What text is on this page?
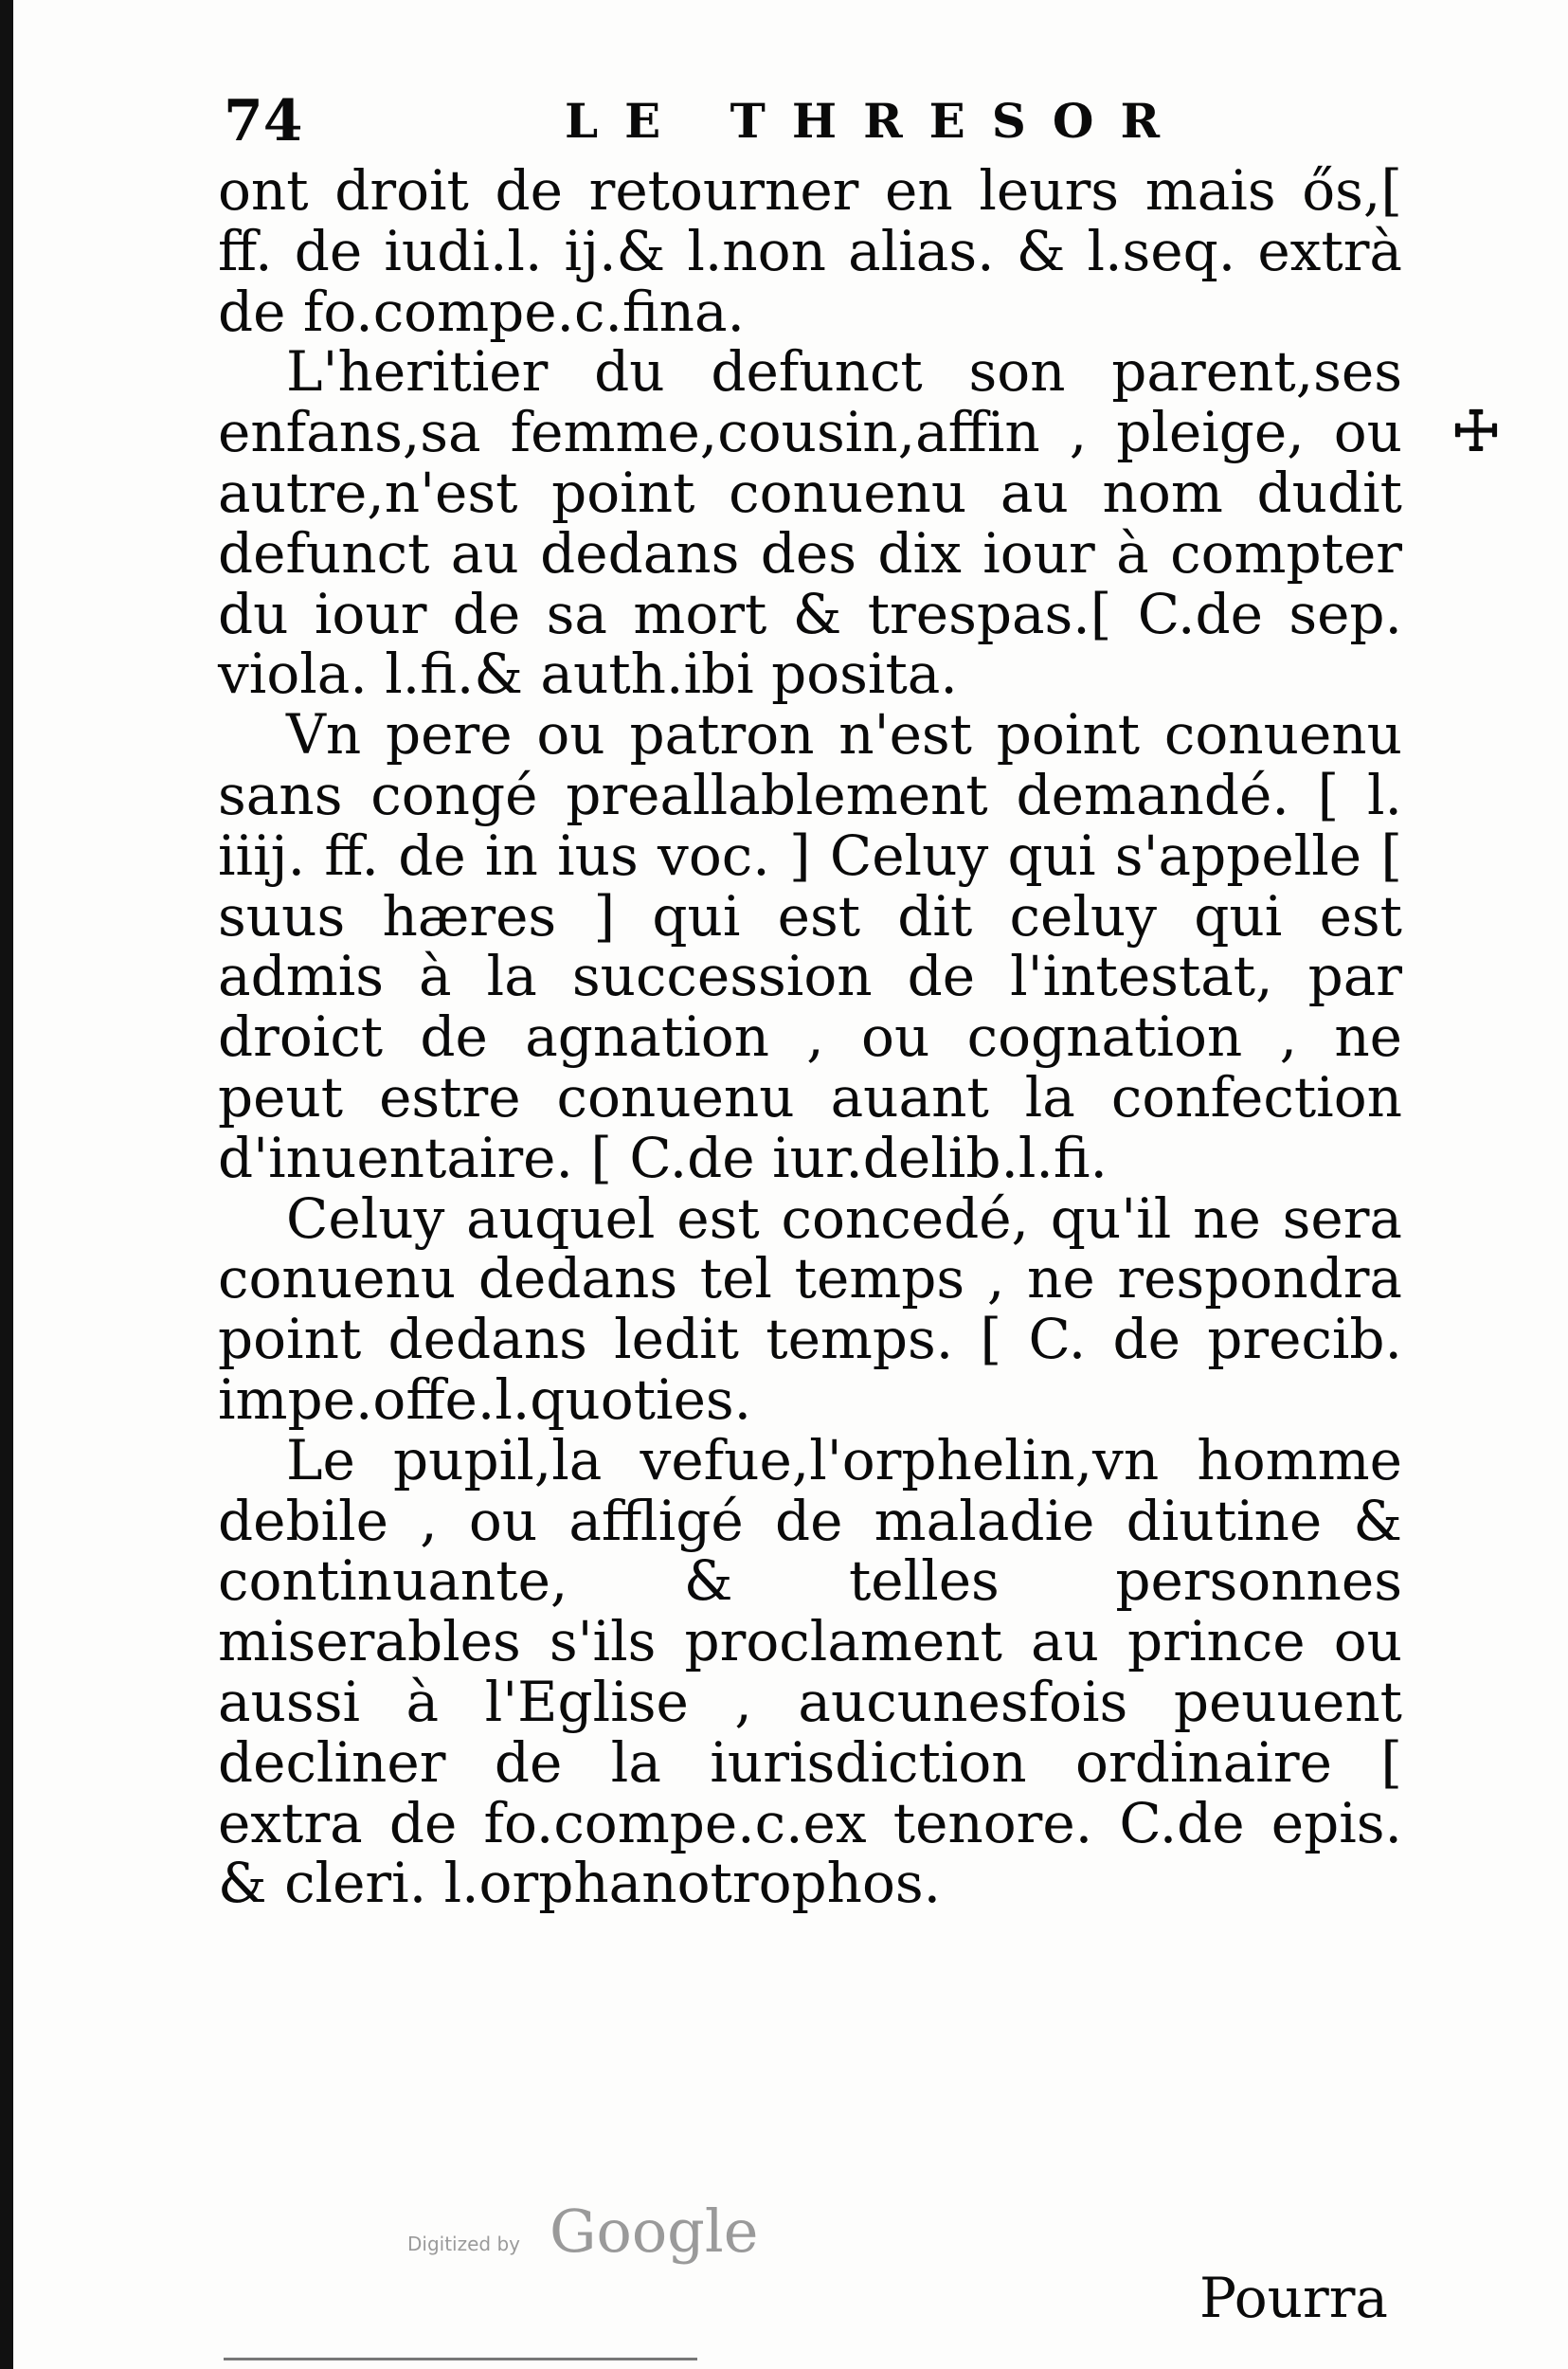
74	LE THRESOR
☩

ont droit de retourner en leurs mais ős,[ ff. de iudi.l. ij.& l.non alias. & l.seq. extrà de fo.compe.c.fina.

L'heritier du defunct son parent,ses enfans,sa femme,cousin,affin , pleige, ou autre,n'est point conuenu au nom dudit defunct au dedans des dix iour à compter du iour de sa mort & trespas.[ C.de sep. viola. l.fi.& auth.ibi posita.

Vn pere ou patron n'est point conuenu sans congé preallablement demandé. [ l. iiij. ff. de in ius voc. ] Celuy qui s'appelle [ suus hæres ] qui est dit celuy qui est admis à la succession de l'intestat, par droict de agnation , ou cognation , ne peut estre conuenu auant la confection d'inuentaire. [ C.de iur.delib.l.fi.

Celuy auquel est concedé, qu'il ne sera conuenu dedans tel temps , ne respondra point dedans ledit temps. [ C. de precib. impe.offe.l.quoties.

Le pupil,la vefue,l'orphelin,vn homme debile , ou affligé de maladie diutine & continuante, & telles personnes miserables s'ils proclament au prince ou aussi à l'Eglise , aucunesfois peuuent decliner de la iurisdiction ordinaire [ extra de fo.compe.c.ex tenore. C.de epis. & cleri. l.orphanotrophos.

Digitized by Google
Pourra
